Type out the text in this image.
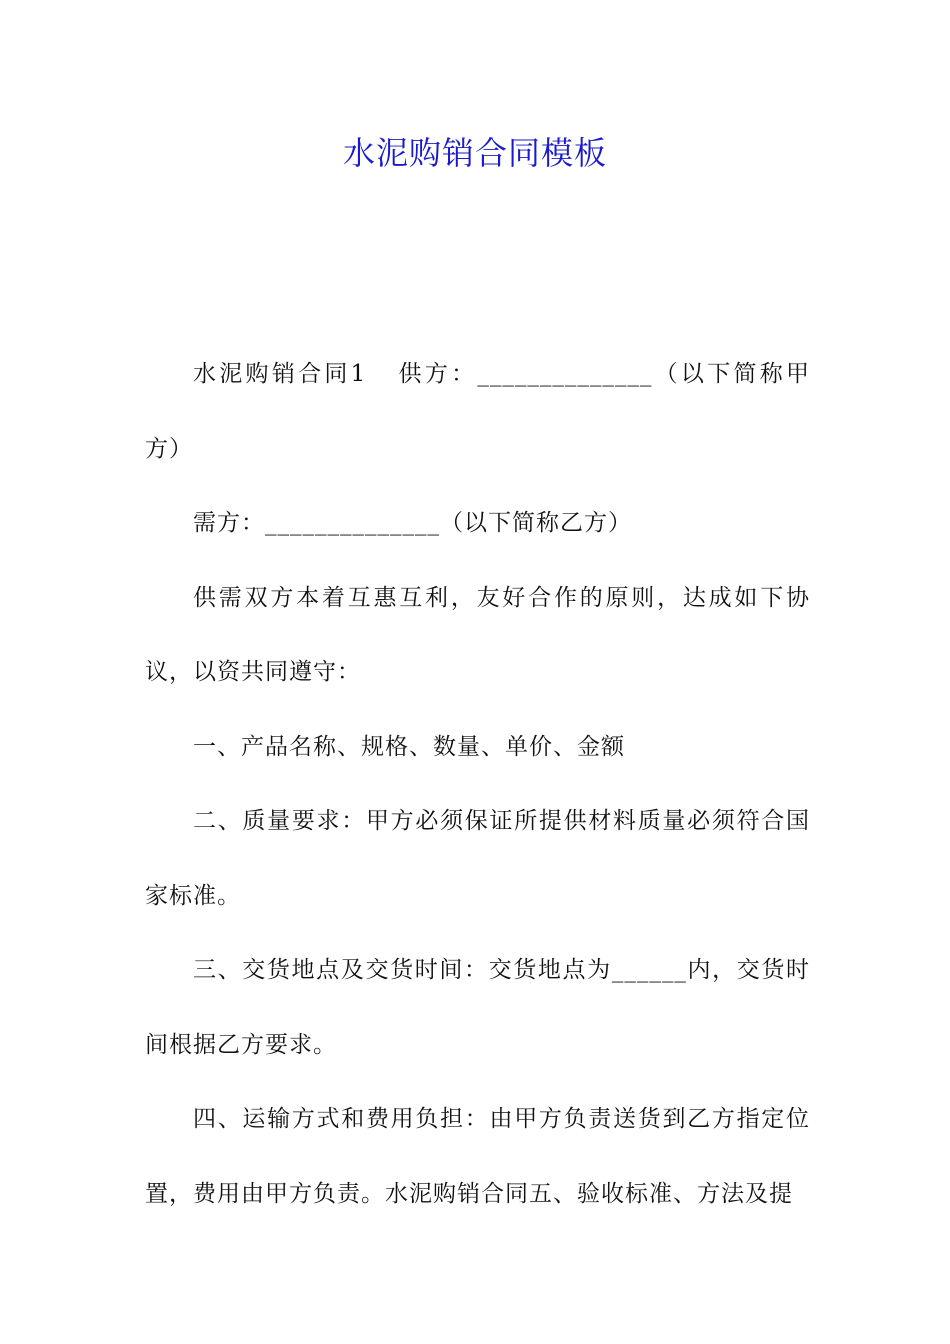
水泥购销合同模板

水泥购销合同1 供方：______________（以下简称甲方）

需方：______________（以下简称乙方）

供需双方本着互惠互利，友好合作的原则，达成如下协议，以资共同遵守：

一、产品名称、规格、数量、单价、金额

二、质量要求：甲方必须保证所提供材料质量必须符合国家标准。

三、交货地点及交货时间：交货地点为______内，交货时间根据乙方要求。

四、运输方式和费用负担：由甲方负责送货到乙方指定位置，费用由甲方负责。水泥购销合同五、验收标准、方法及提
